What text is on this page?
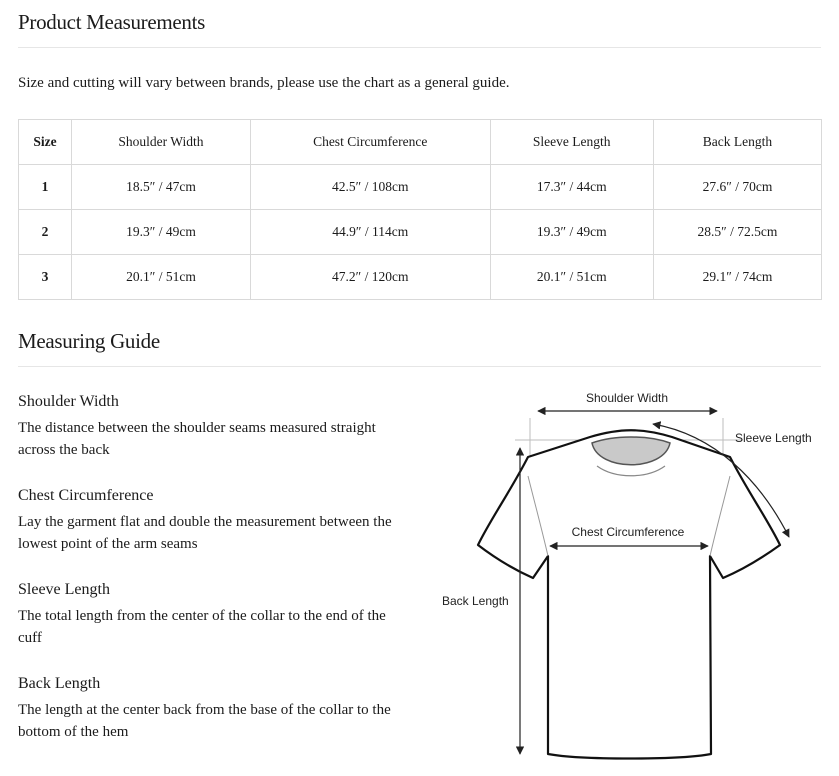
Product Measurements
Size and cutting will vary between brands, please use the chart as a general guide.
Size	Shoulder Width	Chest Circumference	Sleeve Length	Back Length
1	18.5″ / 47cm	42.5″ / 108cm	17.3″ / 44cm	27.6″ / 70cm
2	19.3″ / 49cm	44.9″ / 114cm	19.3″ / 49cm	28.5″ / 72.5cm
3	20.1″ / 51cm	47.2″ / 120cm	20.1″ / 51cm	29.1″ / 74cm
Measuring Guide
Shoulder Width
The distance between the shoulder seams measured straight across the back
Chest Circumference
Lay the garment flat and double the measurement between the lowest point of the arm seams
Sleeve Length
The total length from the center of the collar to the end of the cuff
Back Length
The length at the center back from the base of the collar to the bottom of the hem
Shoulder Width
Sleeve Length
Chest Circumference
Back Length
